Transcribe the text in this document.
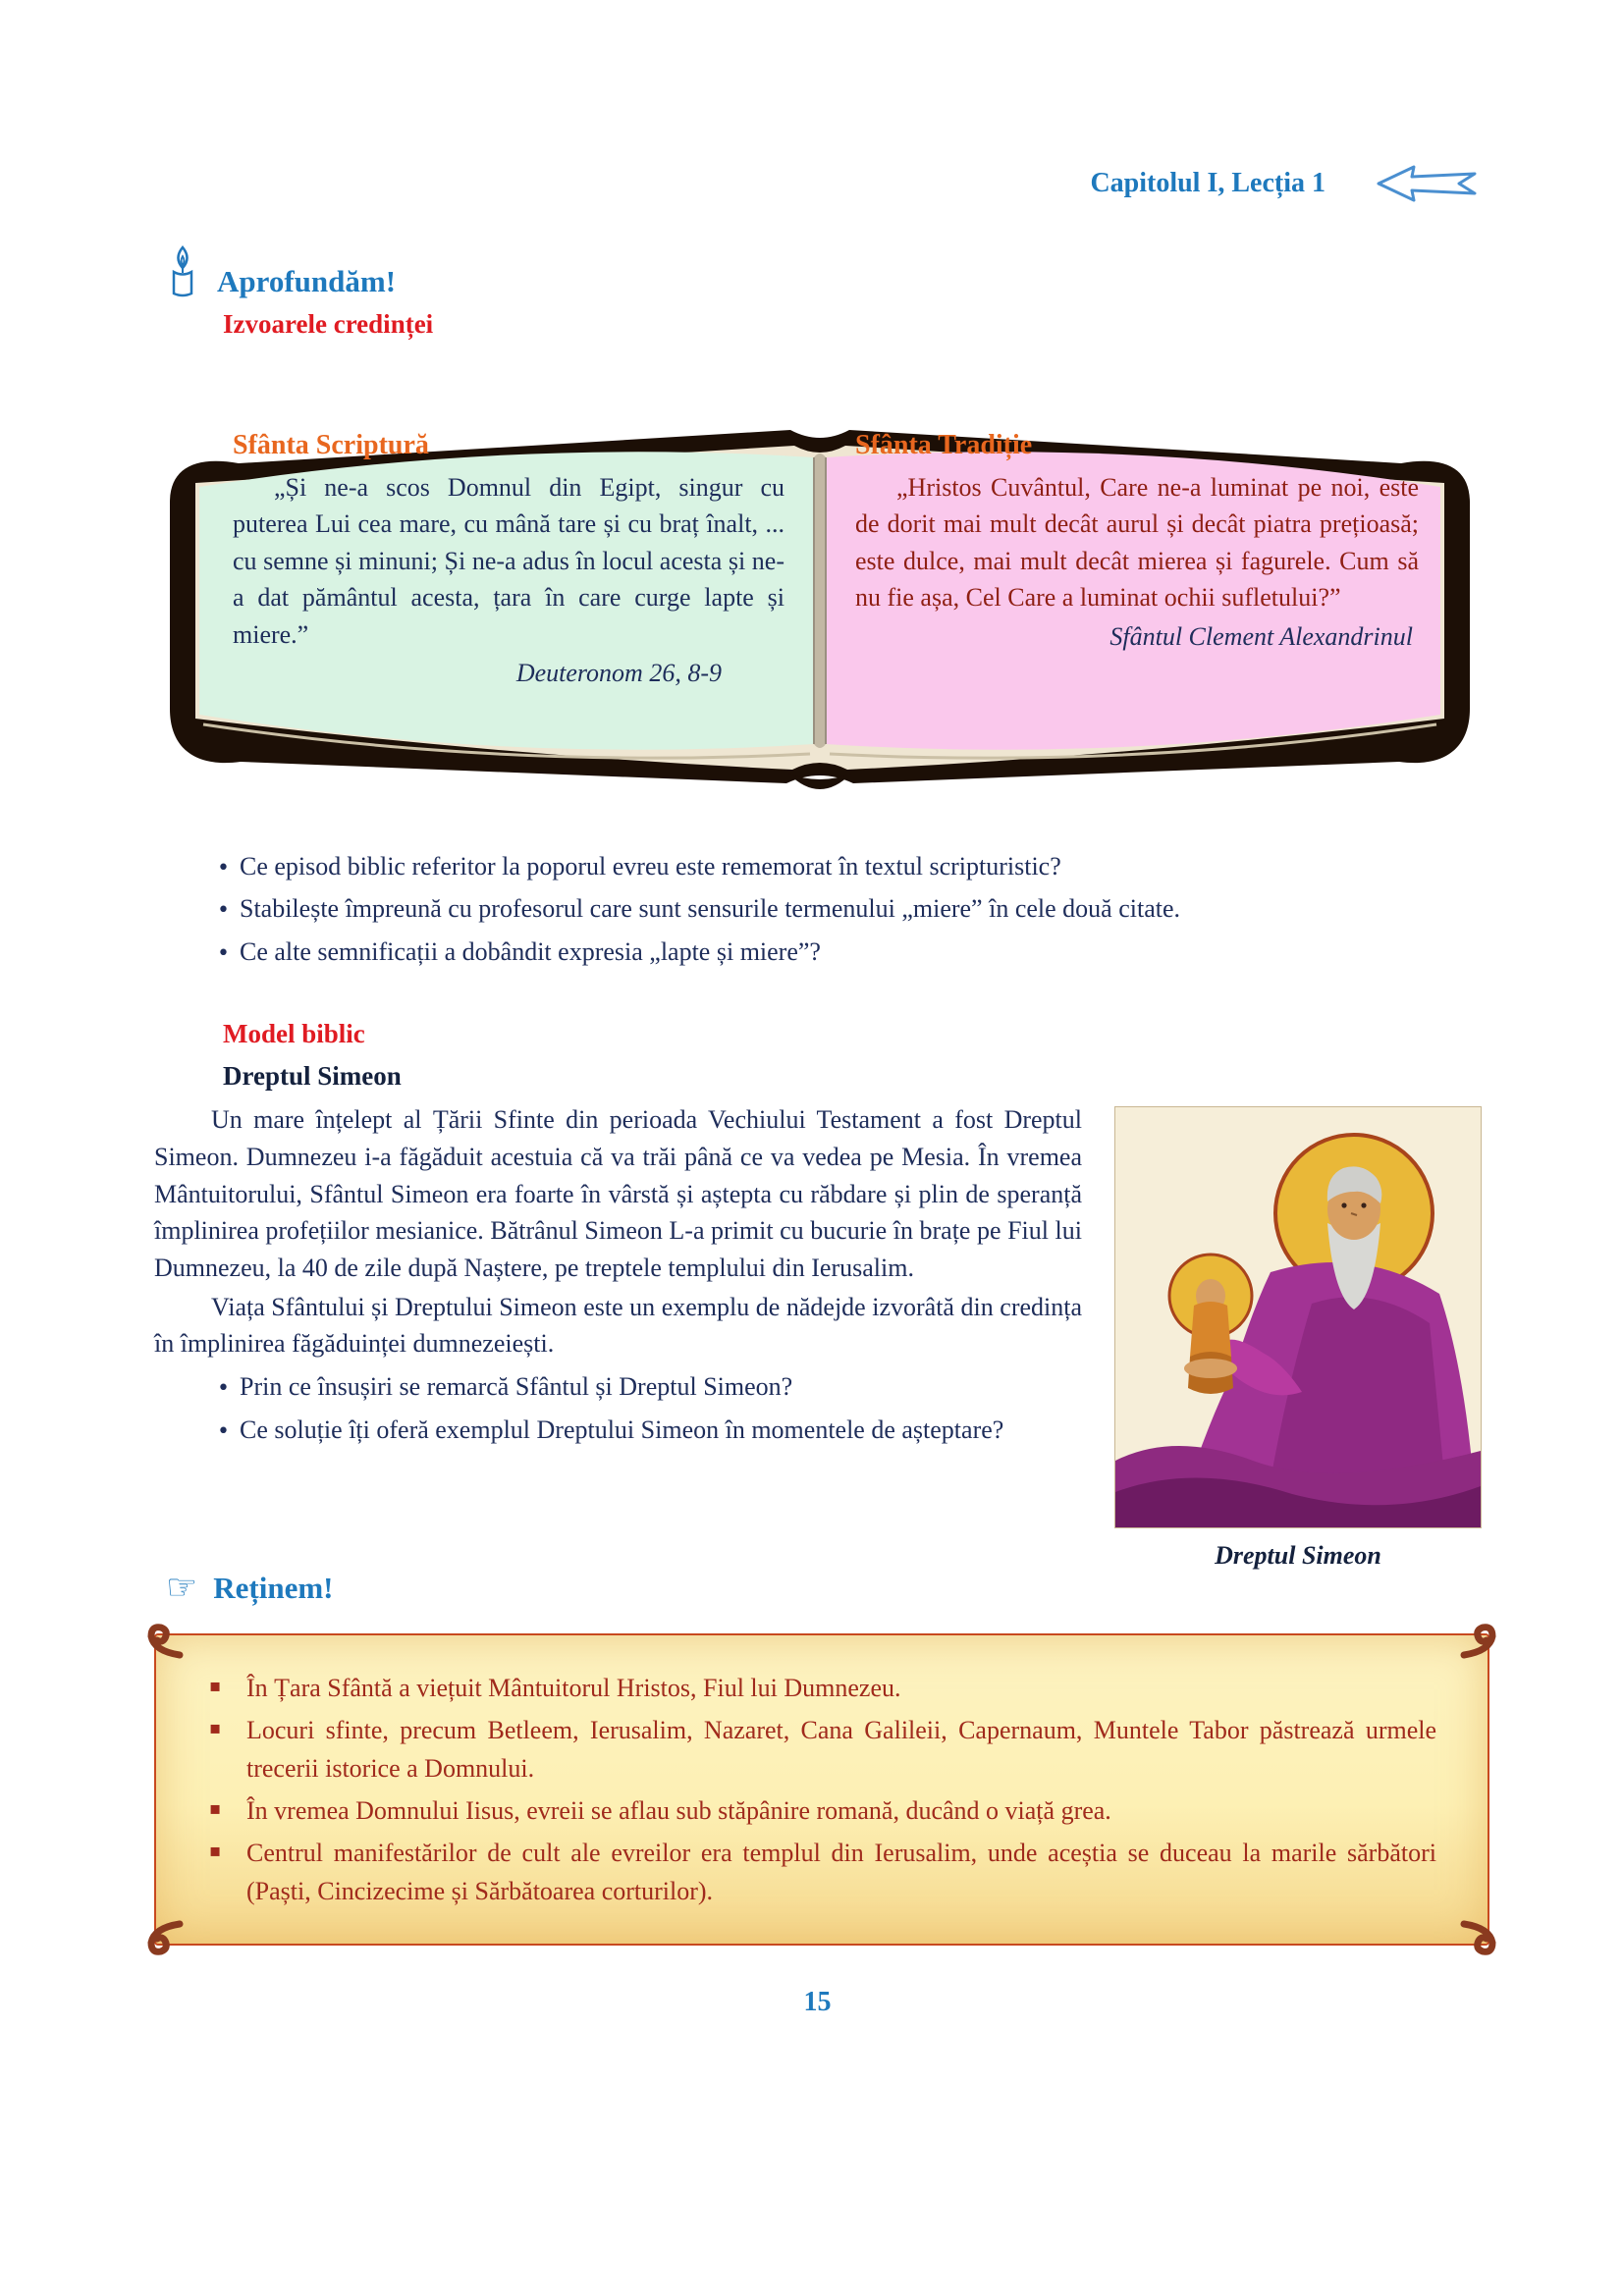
Capitolul I, Lecția 1
Aprofundăm!
Izvoarele credinței
Sfânta Scriptură
„Și ne-a scos Domnul din Egipt, singur cu puterea Lui cea mare, cu mână tare și cu braț înalt, ... cu semne și minuni; Și ne-a adus în locul acesta și ne-a dat pământul acesta, țara în care curge lapte și miere.”
Deuteronom 26, 8-9
Sfânta Tradiție
„Hristos Cuvântul, Care ne-a luminat pe noi, este de dorit mai mult decât aurul și decât piatra prețioasă; este dulce, mai mult decât mierea și fagurele. Cum să nu fie așa, Cel Care a luminat ochii sufletului?”
Sfântul Clement Alexandrinul
• Ce episod biblic referitor la poporul evreu este rememorat în textul scripturistic?
• Stabilește împreună cu profesorul care sunt sensurile termenului „miere” în cele două citate.
• Ce alte semnificații a dobândit expresia „lapte și miere”?
Model biblic
Dreptul Simeon
Dreptul Simeon

Un mare înțelept al Țării Sfinte din perioada Vechiului Testament a fost Dreptul Simeon. Dumnezeu i-a făgăduit acestuia că va trăi până ce va vedea pe Mesia. În vremea Mântuitorului, Sfântul Simeon era foarte în vârstă și aștepta cu răbdare și plin de speranță împlinirea profețiilor mesianice. Bătrânul Simeon L-a primit cu bucurie în brațe pe Fiul lui Dumnezeu, la 40 de zile după Naștere, pe treptele templului din Ierusalim.

Viața Sfântului și Dreptului Simeon este un exemplu de nădejde izvorâtă din credința în împlinirea făgăduinței dumnezeiești.

• Prin ce însușiri se remarcă Sfântul și Dreptul Simeon?
• Ce soluție îți oferă exemplul Dreptului Simeon în momentele de așteptare?
☞ Reținem!
▪ În Țara Sfântă a viețuit Mântuitorul Hristos, Fiul lui Dumnezeu.
▪ Locuri sfinte, precum Betleem, Ierusalim, Nazaret, Cana Galileii, Capernaum, Muntele Tabor păstrează urmele trecerii istorice a Domnului.
▪ În vremea Domnului Iisus, evreii se aflau sub stăpânire romană, ducând o viață grea.
▪ Centrul manifestărilor de cult ale evreilor era templul din Ierusalim, unde aceștia se duceau la marile sărbători (Paști, Cincizecime și Sărbătoarea corturilor).
15
